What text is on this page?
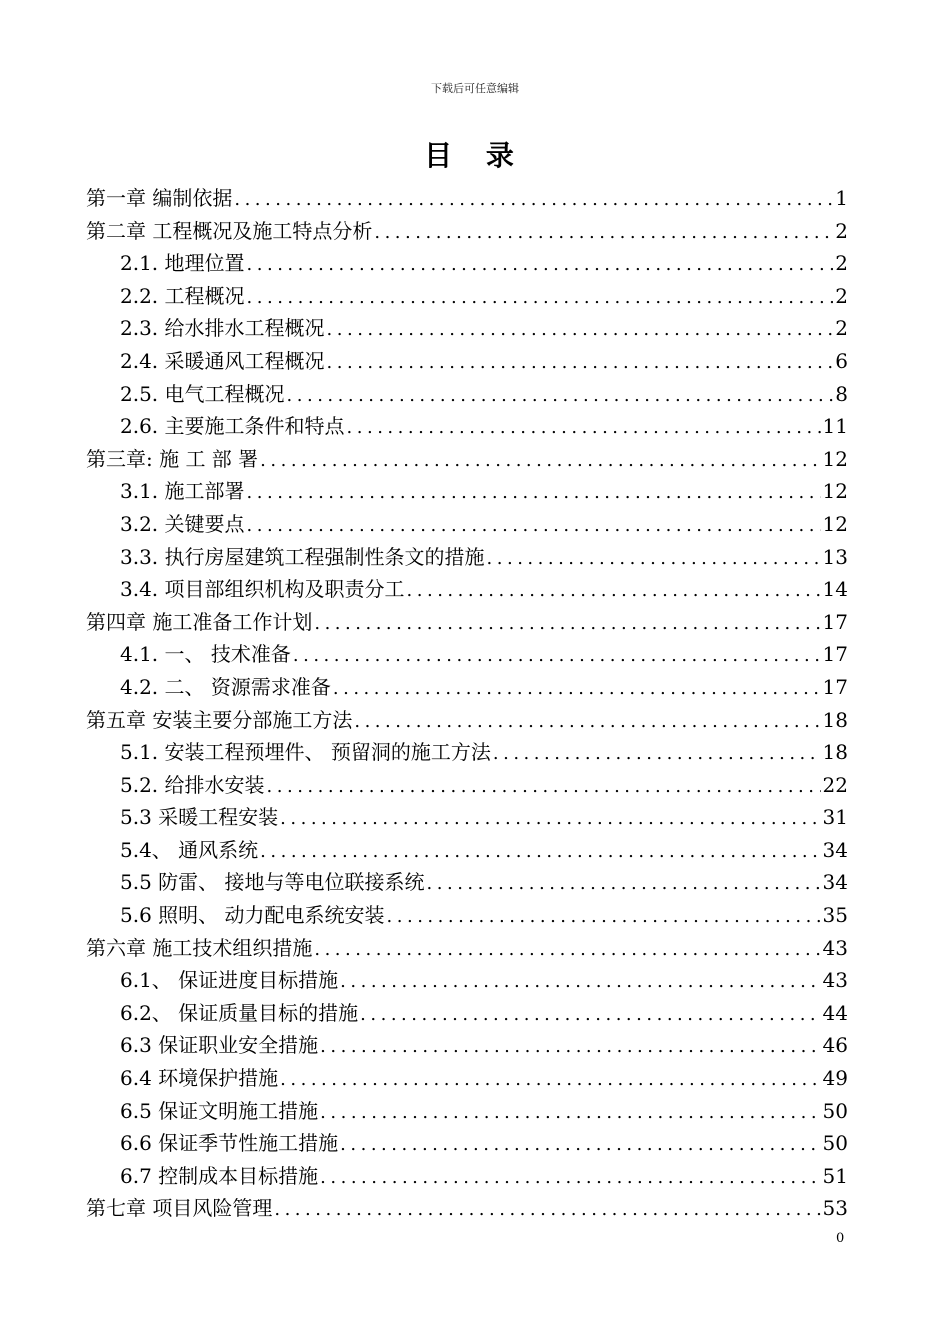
下载后可任意编辑
目 录
第一章 编制依据 .....	1
第二章 工程概况及施工特点分析 .....	2
2.1. 地理位置 .....	2
2.2. 工程概况 .....	2
2.3. 给水排水工程概况 .....	2
2.4. 采暖通风工程概况 .....	6
2.5. 电气工程概况 .....	8
2.6. 主要施工条件和特点 .....	11
第三章: 施 工 部 署 .....	12
3.1. 施工部署 .....	12
3.2. 关键要点 .....	12
3.3. 执行房屋建筑工程强制性条文的措施 .....	13
3.4. 项目部组织机构及职责分工 .....	14
第四章 施工准备工作计划 .....	17
4.1. 一、 技术准备 .....	17
4.2. 二、 资源需求准备 .....	17
第五章 安装主要分部施工方法 .....	18
5.1. 安装工程预埋件、 预留洞的施工方法 .....	18
5.2. 给排水安装 .....	22
5.3 采暖工程安装 .....	31
5.4、 通风系统 .....	34
5.5 防雷、 接地与等电位联接系统 .....	34
5.6 照明、 动力配电系统安装 .....	35
第六章 施工技术组织措施 .....	43
6.1、 保证进度目标措施 .....	43
6.2、 保证质量目标的措施 .....	44
6.3 保证职业安全措施 .....	46
6.4 环境保护措施 .....	49
6.5 保证文明施工措施 .....	50
6.6 保证季节性施工措施 .....	50
6.7 控制成本目标措施 .....	51
第七章 项目风险管理 .....	53
0
